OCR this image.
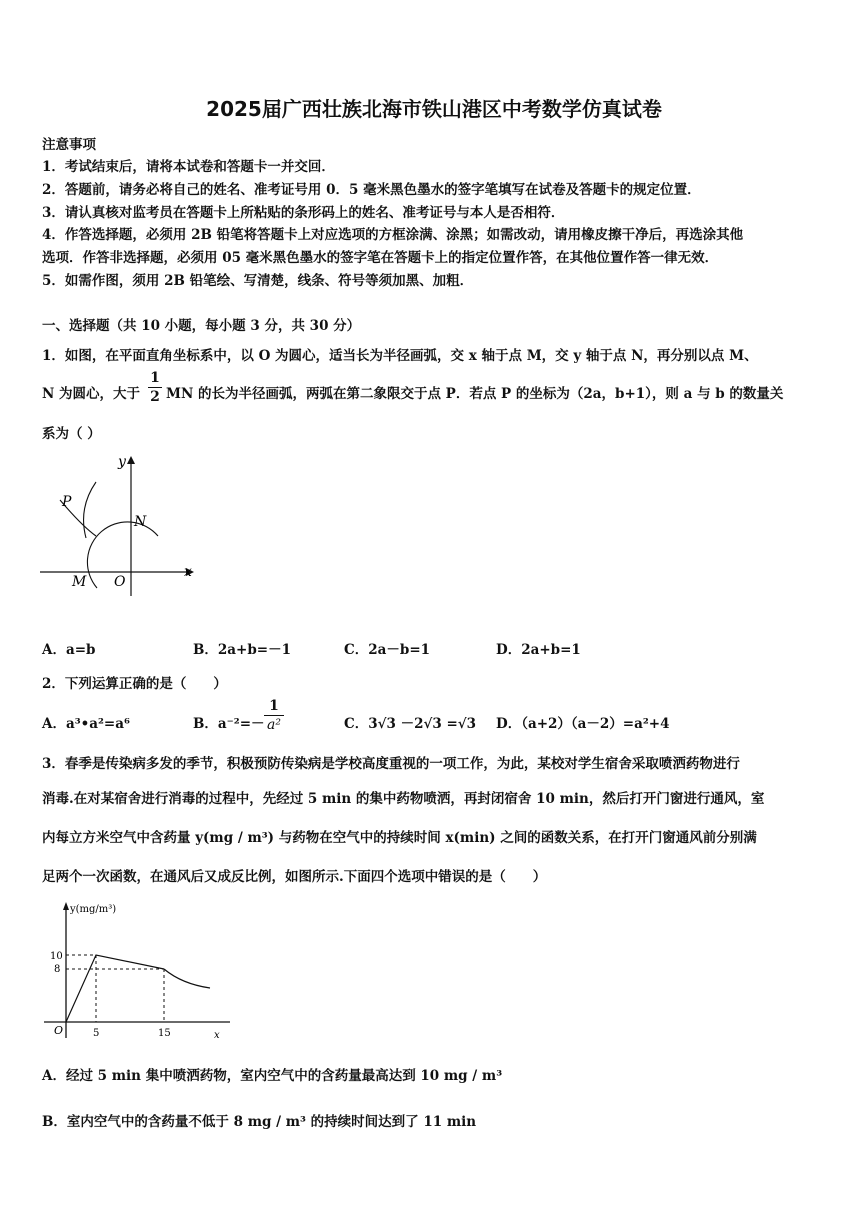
2025届广西壮族北海市铁山港区中考数学仿真试卷
注意事项
1．考试结束后，请将本试卷和答题卡一并交回．
2．答题前，请务必将自己的姓名、准考证号用 0．5 毫米黑色墨水的签字笔填写在试卷及答题卡的规定位置．
3．请认真核对监考员在答题卡上所粘贴的条形码上的姓名、准考证号与本人是否相符．
4．作答选择题，必须用 2B 铅笔将答题卡上对应选项的方框涂满、涂黑；如需改动，请用橡皮擦干净后，再选涂其他
选项．作答非选择题，必须用 05 毫米黑色墨水的签字笔在答题卡上的指定位置作答，在其他位置作答一律无效．
5．如需作图，须用 2B 铅笔绘、写清楚，线条、符号等须加黑、加粗．
一、选择题（共 10 小题，每小题 3 分，共 30 分）
1．如图，在平面直角坐标系中，以 O 为圆心，适当长为半径画弧，交 x 轴于点 M，交 y 轴于点 N，再分别以点 M、
N 为圆心，大于
1
2 MN 的长为半径画弧，两弧在第二象限交于点 P．若点 P 的坐标为（2a，b+1），则 a 与 b 的数量关
系为（ ）
y
x
P
N
M O
A．a=b	B．2a+b=－1	C．2a－b=1	D．2a+b=1
2．下列运算正确的是（　　）
A．a³•a²=a⁶	B．a⁻²=－
1
a²	C．3√3 －2√3 =√3 D．（a+2）（a－2）=a²+4
3．春季是传染病多发的季节，积极预防传染病是学校高度重视的一项工作，为此，某校对学生宿舍采取喷洒药物进行
消毒.在对某宿舍进行消毒的过程中，先经过 5 min 的集中药物喷洒，再封闭宿舍 10 min，然后打开门窗进行通风，室
内每立方米空气中含药量 y(mg / m³) 与药物在空气中的持续时间 x(min) 之间的函数关系，在打开门窗通风前分别满
足两个一次函数，在通风后又成反比例，如图所示.下面四个选项中错误的是（　　）
y(mg/m³)
10
8
O	5	15	x
A．经过 5 min 集中喷洒药物，室内空气中的含药量最高达到 10 mg / m³
B．室内空气中的含药量不低于 8 mg / m³ 的持续时间达到了 11 min
